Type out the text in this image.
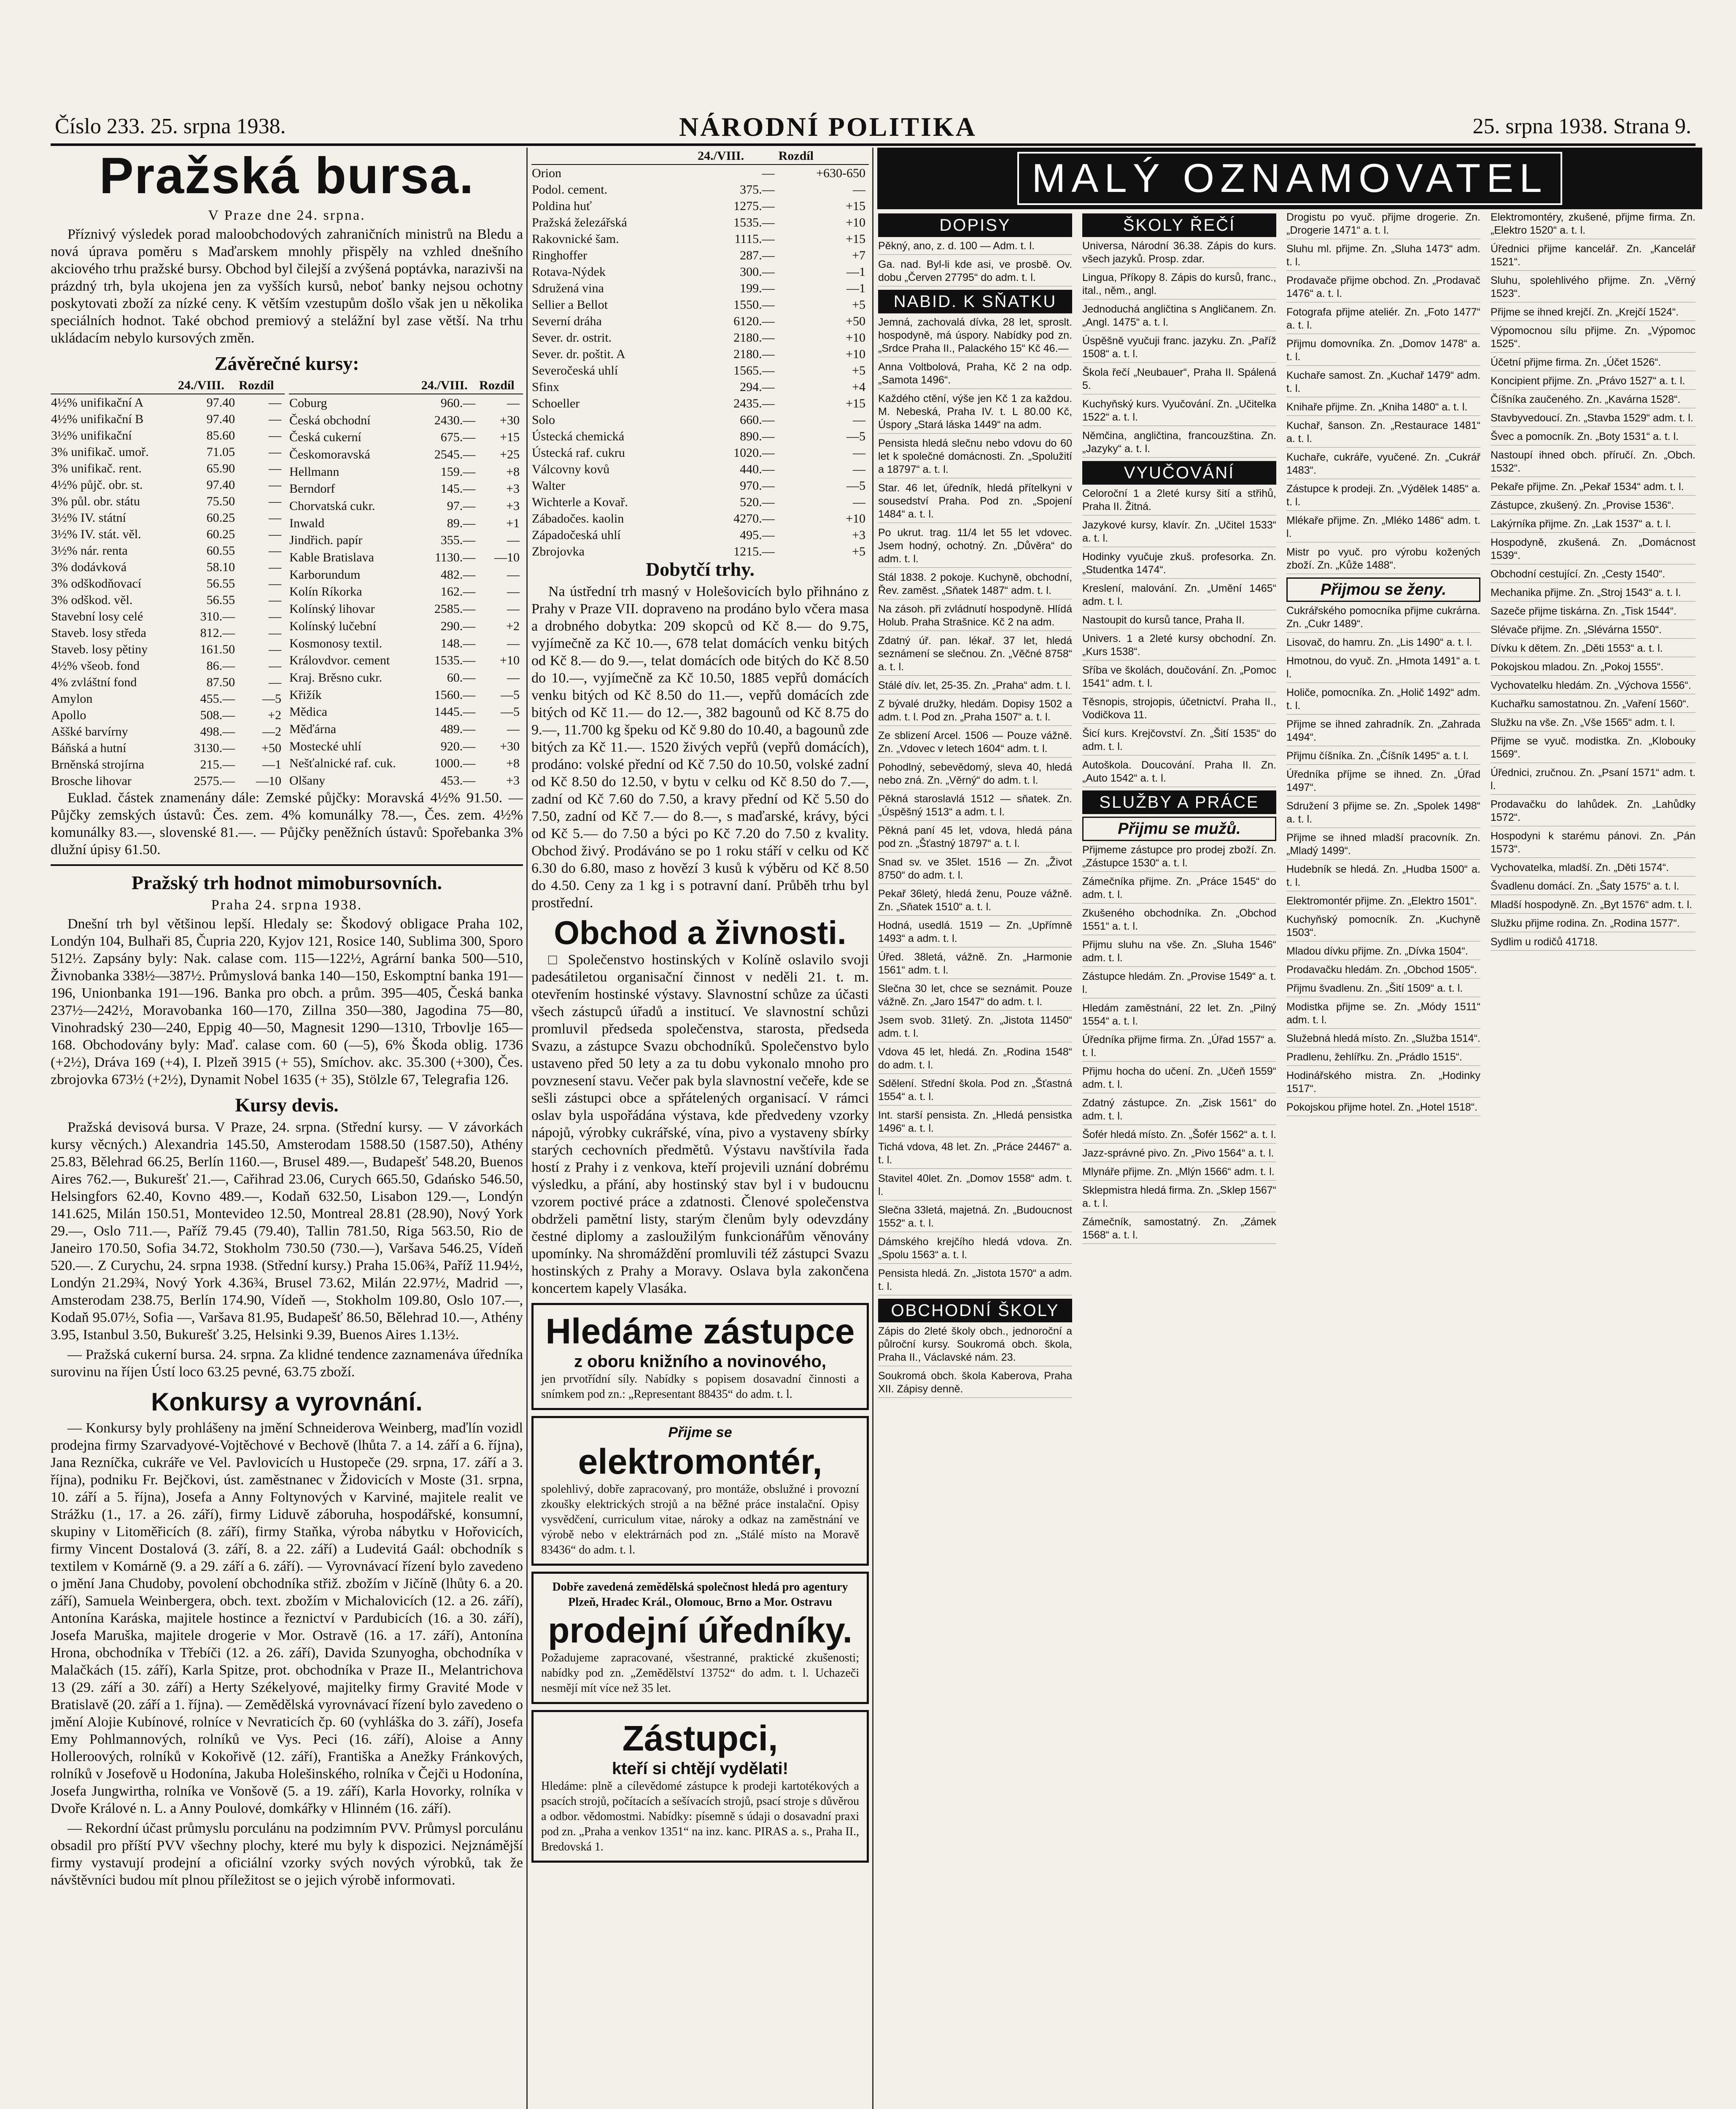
Číslo 233. 25. srpna 1938.	NÁRODNÍ POLITIKA	25. srpna 1938. Strana 9.
Pražská bursa.
V Praze dne 24. srpna.

Příznivý výsledek porad maloobchodových zahraničních ministrů na Bledu a nová úprava poměru s Maďarskem mnohly přispěly na vzhled dnešního akciového trhu pražské bursy. Obchod byl čilejší a zvýšená poptávka, narazivši na prázdný trh, byla ukojena jen za vyšších kursů, neboť banky nejsou ochotny poskytovati zboží za nízké ceny. K větším vzestupům došlo však jen u několika speciálních hodnot. Také obchod premiový a stelážní byl zase větší. Na trhu ukládacím nebylo kursových změn.

Závěrečné kursy:
	24./VIII.	Rozdíl
4½% unifikační A	97.40	—
4½% unifikační B	97.40	—
3½% unifikační	85.60	—
3% unifikač. umoř.	71.05	—
3% unifikač. rent.	65.90	—
4½% půjč. obr. st.	97.40	—
3% půl. obr. státu	75.50	—
3½% IV. státní	60.25	—
3½% IV. stát. věl.	60.25	—
3½% nár. renta	60.55	—
3% dodávková	58.10	—
3% odškodňovací	56.55	—
3% odškod. věl.	56.55	—
Stavební losy celé	310.—	—
Staveb. losy středa	812.—	—
Staveb. losy pětiny	161.50	—
4½% všeob. fond	86.—	—
4% zvláštní fond	87.50	—
Amylon	455.—	—5
Apollo	508.—	+2
Aššké barvírny	498.—	—2
Báňská a hutní	3130.—	+50
Brněnská strojírna	215.—	—1
Brosche lihovar	2575.—	—10
	24./VIII.	Rozdíl
Coburg	960.—	—
Česká obchodní	2430.—	+30
Česká cukerní	675.—	+15
Českomoravská	2545.—	+25
Hellmann	159.—	+8
Berndorf	145.—	+3
Chorvatská cukr.	97.—	+3
Inwald	89.—	+1
Jindřich. papír	355.—	—
Kable Bratislava	1130.—	—10
Karborundum	482.—	—
Kolín Ríkorka	162.—	—
Kolínský lihovar	2585.—	—
Kolínský lučební	290.—	+2
Kosmonosy textil.	148.—	—
Královdvor. cement	1535.—	+10
Kraj. Brěsno cukr.	60.—	—
Křižík	1560.—	—5
Mědica	1445.—	—5
Měďárna	489.—	—
Mostecké uhlí	920.—	+30
Nešťalnické raf. cuk.	1000.—	+8
Olšany	453.—	+3

Euklad. částek znamenány dále: Zemské půjčky: Moravská 4½% 91.50. — Půjčky zemských ústavů: Čes. zem. 4% komunálky 78.—, Čes. zem. 4½% komunálky 83.—, slovenské 81.—. — Půjčky peněžních ústavů: Spořebanka 3% dlužní úpisy 61.50.

Pražský trh hodnot mimobursovních.
Praha 24. srpna 1938.

Dnešní trh byl většinou lepší. Hledaly se: Škodový obligace Praha 102, Londýn 104, Bulhaři 85, Čupria 220, Kyjov 121, Rosice 140, Sublima 300, Sporo 512½. Zapsány byly: Nak. calase com. 115—122½, Agrární banka 500—510, Živnobanka 338½—387½. Průmyslová banka 140—150, Eskomptní banka 191—196, Unionbanka 191—196. Banka pro obch. a prům. 395—405, Česká banka 237½—242½, Moravobanka 160—170, Zillna 350—380, Jagodina 75—80, Vinohradský 230—240, Eppig 40—50, Magnesit 1290—1310, Trbovlje 165—168. Obchodovány byly: Maď. calase com. 60 (—5), 6% Škoda oblig. 1736 (+2½), Dráva 169 (+4), I. Plzeň 3915 (+ 55), Smíchov. akc. 35.300 (+300), Čes. zbrojovka 673½ (+2½), Dynamit Nobel 1635 (+ 35), Stölzle 67, Telegrafia 126.

Kursy devis.

Pražská devisová bursa. V Praze, 24. srpna. (Střední kursy. — V závorkách kursy věcných.) Alexandria 145.50, Amsterodam 1588.50 (1587.50), Athény 25.83, Bělehrad 66.25, Berlín 1160.—, Brusel 489.—, Budapešť 548.20, Buenos Aires 762.—, Bukurešť 21.—, Cařihrad 23.06, Curych 665.50, Gdańsko 546.50, Helsingfors 62.40, Kovno 489.—, Kodaň 632.50, Lisabon 129.—, Londýn 141.625, Milán 150.51, Montevideo 12.50, Montreal 28.81 (28.90), Nový York 29.—, Oslo 711.—, Paříž 79.45 (79.40), Tallin 781.50, Riga 563.50, Rio de Janeiro 170.50, Sofia 34.72, Stokholm 730.50 (730.—), Varšava 546.25, Vídeň 520.—. Z Curychu, 24. srpna 1938. (Střední kursy.) Praha 15.06¾, Paříž 11.94½, Londýn 21.29¾, Nový York 4.36¾, Brusel 73.62, Milán 22.97½, Madrid —, Amsterodam 238.75, Berlín 174.90, Vídeň —, Stokholm 109.80, Oslo 107.—, Kodaň 95.07½, Sofia —, Varšava 81.95, Budapešť 86.50, Bělehrad 10.—, Athény 3.95, Istanbul 3.50, Bukurešť 3.25, Helsinki 9.39, Buenos Aires 1.13½.

— Pražská cukerní bursa. 24. srpna. Za klidné tendence zaznamenáva úředníka surovinu na říjen Ústí loco 63.25 pevné, 63.75 zboží.

Konkursy a vyrovnání.

— Konkursy byly prohlášeny na jmění Schneiderova Weinberg, maďlín vozidl prodejna firmy Szarvadyové-Vojtěchové v Bechově (lhůta 7. a 14. září a 6. října), Jana Rezníčka, cukráře ve Vel. Pavlovicích u Hustopeče (29. srpna, 17. září a 3. října), podniku Fr. Bejčkovi, úst. zaměstnanec v Židovicích v Moste (31. srpna, 10. září a 5. října), Josefa a Anny Foltynových v Karviné, majitele realit ve Strážku (1., 17. a 26. září), firmy Liduvě záboruha, hospodářské, konsumní, skupiny v Litoměřicích (8. září), firmy Staňka, výroba nábytku v Hořovicích, firmy Vincent Dostalová (3. září, 8. a 22. září) a Ludevitá Gaál: obchodník s textilem v Komárně (9. a 29. září a 6. září). — Vyrovnávací řízení bylo zavedeno o jmění Jana Chudoby, povolení obchodníka střiž. zbožím v Jičíně (lhůty 6. a 20. září), Samuela Weinbergera, obch. text. zbožím v Michalovicích (12. a 26. září), Antonína Karáska, majitele hostince a řeznictví v Pardubicích (16. a 30. září), Josefa Maruška, majitele drogerie v Mor. Ostravě (16. a 17. září), Antonína Hrona, obchodníka v Třebíči (12. a 26. září), Davida Szunyogha, obchodníka v Malačkách (15. září), Karla Spitze, prot. obchodníka v Praze II., Melantrichova 13 (29. září a 30. září) a Herty Székelyové, majitelky firmy Gravité Mode v Bratislavě (20. září a 1. října). — Zemědělská vyrovnávací řízení bylo zavedeno o jmění Alojie Kubínové, rolníce v Nevraticích čp. 60 (vyhláška do 3. září), Josefa Emy Pohlmannových, rolníků ve Vys. Peci (16. září), Aloise a Anny Holleroových, rolníků v Kokořivě (12. září), Františka a Anežky Fránkových, rolníků v Josefově u Hodonína, Jakuba Holešinského, rolníka v Čejči u Hodonína, Josefa Jungwirtha, rolníka ve Vonšově (5. a 19. září), Karla Hovorky, rolníka v Dvoře Králové n. L. a Anny Poulové, domkářky v Hlinném (16. září).

— Rekordní účast průmyslu porculánu na podzimním PVV. Průmysl porculánu obsadil pro příští PVV všechny plochy, které mu byly k dispozici. Nejznámější firmy vystavují prodejní a oficiální vzorky svých nových výrobků, tak že návštěvníci budou mít plnou příležitost se o jejich výrobě informovati.

	24./VIII.	Rozdíl
Orion	—	+630-650
Podol. cement.	375.—	—
Poldina huť	1275.—	+15
Pražská železářská	1535.—	+10
Rakovnické šam.	1115.—	+15
Ringhoffer	287.—	+7
Rotava-Nýdek	300.—	—1
Sdružená vina	199.—	—1
Sellier a Bellot	1550.—	+5
Severní dráha	6120.—	+50
Sever. dr. ostrit.	2180.—	+10
Sever. dr. poštit. A	2180.—	+10
Severočeská uhlí	1565.—	+5
Sfinx	294.—	+4
Schoeller	2435.—	+15
Solo	660.—	—
Ústecká chemická	890.—	—5
Ústecká raf. cukru	1020.—	—
Válcovny kovů	440.—	—
Walter	970.—	—5
Wichterle a Kovař.	520.—	—
Zábadočes. kaolin	4270.—	+10
Západočeská uhlí	495.—	+3
Zbrojovka	1215.—	+5
Dobytčí trhy.

Na ústřední trh masný v Holešovicích bylo přihnáno z Prahy v Praze VII. dopraveno na prodáno bylo včera masa a drobného dobytka: 209 skopců od Kč 8.— do 9.75, vyjímečně za Kč 10.—, 678 telat domácích venku bitých od Kč 8.— do 9.—, telat domácích ode bitých do Kč 8.50 do 10.—, vyjímečně za Kč 10.50, 1885 vepřů domácích venku bitých od Kč 8.50 do 11.—, vepřů domácích zde bitých od Kč 11.— do 12.—, 382 bagounů od Kč 8.75 do 9.—, 11.700 kg špeku od Kč 9.80 do 10.40, a bagounů zde bitých za Kč 11.—. 1520 živých vepřů (vepřů domácích), prodáno: volské přední od Kč 7.50 do 10.50, volské zadní od Kč 8.50 do 12.50, v bytu v celku od Kč 8.50 do 7.—, zadní od Kč 7.60 do 7.50, a kravy přední od Kč 5.50 do 7.50, zadní od Kč 7.— do 8.—, s maďarské, krávy, býci od Kč 5.— do 7.50 a býci po Kč 7.20 do 7.50 z kvality. Obchod živý. Prodáváno se po 1 roku stáří v celku od Kč 6.30 do 6.80, maso z hovězí 3 kusů k výběru od Kč 8.50 do 4.50. Ceny za 1 kg i s potravní daní. Průběh trhu byl prostřední.

Obchod a živnosti.

□ Společenstvo hostinských v Kolíně oslavilo svoji padesátiletou organisační činnost v neděli 21. t. m. otevřením hostinské výstavy. Slavnostní schůze za účasti všech zástupců úřadů a institucí. Ve slavnostní schůzi promluvil předseda společenstva, starosta, předseda Svazu, a zástupce Svazu obchodníků. Společenstvo bylo ustaveno před 50 lety a za tu dobu vykonalo mnoho pro povznesení stavu. Večer pak byla slavnostní večeře, kde se sešli zástupci obce a spřátelených organisací. V rámci oslav byla uspořádána výstava, kde předvedeny vzorky nápojů, výrobky cukrářské, vína, pivo a vystaveny sbírky starých cechovních předmětů. Výstavu navštívila řada hostí z Prahy i z venkova, kteří projevili uznání dobrému výsledku, a přání, aby hostinský stav byl i v budoucnu vzorem poctivé práce a zdatnosti. Členové společenstva obdrželi pamětní listy, starým členům byly odevzdány čestné diplomy a zasloužilým funkcionářům věnovány upomínky. Na shromáždění promluvili též zástupci Svazu hostinských z Prahy a Moravy. Oslava byla zakončena koncertem kapely Vlasáka.

Hledáme zástupce
z oboru knižního a novinového,
jen prvotřídní síly. Nabídky s popisem dosavadní činnosti a snímkem pod zn.: „Representant 88435“ do adm. t. l.
Přijme se
elektromontér,
spolehlivý, dobře zapracovaný, pro montáže, obslužné i provozní zkoušky elektrických strojů a na běžné práce instalační. Opisy vysvědčení, curriculum vitae, nároky a odkaz na zaměstnání ve výrobě nebo v elektrárnách pod zn. „Stálé místo na Moravě 83436“ do adm. t. l.
Dobře zavedená zemědělská společnost hledá pro agentury Plzeň, Hradec Král., Olomouc, Brno a Mor. Ostravu
prodejní úředníky.
Požadujeme zapracované, všestranné, praktické zkušenosti; nabídky pod zn. „Zemědělství 13752“ do adm. t. l. Uchazeči nesmějí mít více než 35 let.
Zástupci,
kteří si chtějí vydělati!
Hledáme: plně a cílevědomé zástupce k prodeji kartotékových a psacích strojů, počítacích a sešívacích strojů, psací stroje s důvěrou a odbor. vědomostmi. Nabídky: písemně s údaji o dosavadní praxi pod zn. „Praha a venkov 1351“ na inz. kanc. PIRAS a. s., Praha II., Bredovská 1.
MALÝ OZNAMOVATEL
DOPISY
Pěkný, ano, z. d. 100 — Adm. t. l.
Ga. nad. Byl-li kde asi, ve prosbě. Ov. dobu „Červen 27795“ do adm. t. l.
NABID. K SŇATKU
Jemná, zachovalá dívka, 28 let, sproslt. hospodyně, má úspory. Nabídky pod zn. „Srdce Praha II., Palackého 15“ Kč 46.—
Anna Voltbolová, Praha, Kč 2 na odp. „Samota 1496“.
Každého ctění, výše jen Kč 1 za každou. M. Nebeská, Praha IV. t. L 80.00 Kč, Úspory „Stará láska 1449“ na adm.
Pensista hledá slečnu nebo vdovu do 60 let k společné domácnosti. Zn. „Spolužití a 18797“ a. t. l.
Star. 46 let, úředník, hledá přítelkyni v sousedství Praha. Pod zn. „Spojení 1484“ a. t. l.
Po ukrut. trag. 11/4 let 55 let vdovec. Jsem hodný, ochotný. Zn. „Důvěra“ do adm. t. l.
Stál 1838. 2 pokoje. Kuchyně, obchodní, Řev. zaměst. „Sňatek 1487“ adm. t. l.
Na zásoh. při zvládnutí hospodyně. Hlídá Holub. Praha Strašnice. Kč 2 na adm.
Zdatný úř. pan. lékař. 37 let, hledá seznámení se slečnou. Zn. „Věčné 8758“ a. t. l.
Stálé dív. let, 25-35. Zn. „Praha“ adm. t. l.
Z bývalé družky, hledám. Dopisy 1502 a adm. t. l. Pod zn. „Praha 1507“ a. t. l.
Ze sblizení Arcel. 1506 — Pouze vážně. Zn. „Vdovec v letech 1604“ adm. t. l.
Pohodlný, sebevědomý, sleva 40, hledá nebo zná. Zn. „Věrný“ do adm. t. l.
Pěkná staroslavlá 1512 — sňatek. Zn. „Úspěšný 1513“ a adm. t. l.
Pěkná paní 45 let, vdova, hledá pána pod zn. „Šťastný 18797“ a. t. l.
Snad sv. ve 35let. 1516 — Zn. „Život 8750“ do adm. t. l.
Pekař 36letý, hledá ženu, Pouze vážně. Zn. „Sňatek 1510“ a. t. l.
Hodná, usedlá. 1519 — Zn. „Upřímně 1493“ a adm. t. l.
Úřed. 38letá, vážně. Zn. „Harmonie 1561“ adm. t. l.
Slečna 30 let, chce se seznámit. Pouze vážně. Zn. „Jaro 1547“ do adm. t. l.
Jsem svob. 31letý. Zn. „Jistota 11450“ adm. t. l.
Vdova 45 let, hledá. Zn. „Rodina 1548“ do adm. t. l.
Sdělení. Střední škola. Pod zn. „Šťastná 1554“ a. t. l.
Int. starší pensista. Zn. „Hledá pensistka 1496“ a. t. l.
Tichá vdova, 48 let. Zn. „Práce 24467“ a. t. l.
Stavitel 40let. Zn. „Domov 1558“ adm. t. l.
Slečna 33letá, majetná. Zn. „Budoucnost 1552“ a. t. l.
Dámského krejčího hledá vdova. Zn. „Spolu 1563“ a. t. l.
Pensista hledá. Zn. „Jistota 1570“ a adm. t. l.
OBCHODNÍ ŠKOLY
Zápis do 2leté školy obch., jednoroční a půlroční kursy. Soukromá obch. škola, Praha II., Václavské nám. 23.
Soukromá obch. škola Kaberova, Praha XII. Zápisy denně.
ŠKOLY ŘEČÍ
Universa, Národní 36.38. Zápis do kurs. všech jazyků. Prosp. zdar.
Lingua, Příkopy 8. Zápis do kursů, franc., ital., něm., angl.
Jednoduchá angličtina s Angličanem. Zn. „Angl. 1475“ a. t. l.
Úspěšně vyučuji franc. jazyku. Zn. „Paříž 1508“ a. t. l.
Škola řečí „Neubauer“, Praha II. Spálená 5.
Kuchyňský kurs. Vyučování. Zn. „Učitelka 1522“ a. t. l.
Němčina, angličtina, francouzština. Zn. „Jazyky“ a. t. l.
VYUČOVÁNÍ
Celoroční 1 a 2leté kursy šití a střihů, Praha II. Žitná.
Jazykové kursy, klavír. Zn. „Učitel 1533“ a. t. l.
Hodinky vyučuje zkuš. profesorka. Zn. „Studentka 1474“.
Kreslení, malování. Zn. „Umění 1465“ adm. t. l.
Nastoupit do kursů tance, Praha II.
Univers. 1 a 2leté kursy obchodní. Zn. „Kurs 1538“.
Sříba ve školách, doučování. Zn. „Pomoc 1541“ adm. t. l.
Těsnopis, strojopis, účetnictví. Praha II., Vodičkova 11.
Šicí kurs. Krejčovství. Zn. „Šití 1535“ do adm. t. l.
Autoškola. Doucování. Praha II. Zn. „Auto 1542“ a. t. l.
SLUŽBY A PRÁCE
Přijmu se mužů.
Přijmeme zástupce pro prodej zboží. Zn. „Zástupce 1530“ a. t. l.
Zámečníka přijme. Zn. „Práce 1545“ do adm. t. l.
Zkušeného obchodníka. Zn. „Obchod 1551“ a. t. l.
Přijmu sluhu na vše. Zn. „Sluha 1546“ adm. t. l.
Zástupce hledám. Zn. „Provise 1549“ a. t. l.
Hledám zaměstnání, 22 let. Zn. „Pilný 1554“ a. t. l.
Úředníka přijme firma. Zn. „Úřad 1557“ a. t. l.
Přijmu hocha do učení. Zn. „Učeň 1559“ adm. t. l.
Zdatný zástupce. Zn. „Zisk 1561“ do adm. t. l.
Šofér hledá místo. Zn. „Šofér 1562“ a. t. l.
Jazz-správné pivo. Zn. „Pivo 1564“ a. t. l.
Mlynáře přijme. Zn. „Mlýn 1566“ adm. t. l.
Sklepmistra hledá firma. Zn. „Sklep 1567“ a. t. l.
Zámečník, samostatný. Zn. „Zámek 1568“ a. t. l.
Drogistu po vyuč. přijme drogerie. Zn. „Drogerie 1471“ a. t. l.
Sluhu ml. přijme. Zn. „Sluha 1473“ adm. t. l.
Prodavače přijme obchod. Zn. „Prodavač 1476“ a. t. l.
Fotografa přijme ateliér. Zn. „Foto 1477“ a. t. l.
Přijmu domovníka. Zn. „Domov 1478“ a. t. l.
Kuchaře samost. Zn. „Kuchař 1479“ adm. t. l.
Knihaře přijme. Zn. „Kniha 1480“ a. t. l.
Kuchař, šanson. Zn. „Restaurace 1481“ a. t. l.
Kuchaře, cukráře, vyučené. Zn. „Cukrář 1483“.
Zástupce k prodeji. Zn. „Výdělek 1485“ a. t. l.
Mlékaře přijme. Zn. „Mléko 1486“ adm. t. l.
Mistr po vyuč. pro výrobu kožených zboží. Zn. „Kůže 1488“.
Přijmou se ženy.
Cukrářského pomocníka přijme cukrárna. Zn. „Cukr 1489“.
Lisovač, do hamru. Zn. „Lis 1490“ a. t. l.
Hmotnou, do vyuč. Zn. „Hmota 1491“ a. t. l.
Holiče, pomocníka. Zn. „Holič 1492“ adm. t. l.
Přijme se ihned zahradník. Zn. „Zahrada 1494“.
Přijmu číšníka. Zn. „Číšník 1495“ a. t. l.
Úředníka příjme se ihned. Zn. „Úřad 1497“.
Sdružení 3 přijme se. Zn. „Spolek 1498“ a. t. l.
Přijme se ihned mladší pracovník. Zn. „Mladý 1499“.
Hudebník se hledá. Zn. „Hudba 1500“ a. t. l.
Elektromontér přijme. Zn. „Elektro 1501“.
Kuchyňský pomocník. Zn. „Kuchyně 1503“.
Mladou dívku přijme. Zn. „Dívka 1504“.
Prodavačku hledám. Zn. „Obchod 1505“.
Přijmu švadlenu. Zn. „Šití 1509“ a. t. l.
Modistka přijme se. Zn. „Módy 1511“ adm. t. l.
Služebná hledá místo. Zn. „Služba 1514“.
Pradlenu, žehlířku. Zn. „Prádlo 1515“.
Hodinářského mistra. Zn. „Hodinky 1517“.
Pokojskou přijme hotel. Zn. „Hotel 1518“.
Elektromontéry, zkušené, přijme firma. Zn. „Elektro 1520“ a. t. l.
Úřednici přijme kancelář. Zn. „Kancelář 1521“.
Sluhu, spolehlivého přijme. Zn. „Věrný 1523“.
Přijme se ihned krejčí. Zn. „Krejčí 1524“.
Výpomocnou sílu přijme. Zn. „Výpomoc 1525“.
Účetní přijme firma. Zn. „Účet 1526“.
Koncipient přijme. Zn. „Právo 1527“ a. t. l.
Číšníka zaučeného. Zn. „Kavárna 1528“.
Stavbyvedoucí. Zn. „Stavba 1529“ adm. t. l.
Švec a pomocník. Zn. „Boty 1531“ a. t. l.
Nastoupí ihned obch. příručí. Zn. „Obch. 1532“.
Pekaře přijme. Zn. „Pekař 1534“ adm. t. l.
Zástupce, zkušený. Zn. „Provise 1536“.
Lakýrníka přijme. Zn. „Lak 1537“ a. t. l.
Hospodyně, zkušená. Zn. „Domácnost 1539“.
Obchodní cestující. Zn. „Cesty 1540“.
Mechanika přijme. Zn. „Stroj 1543“ a. t. l.
Sazeče přijme tiskárna. Zn. „Tisk 1544“.
Slévače přijme. Zn. „Slévárna 1550“.
Dívku k dětem. Zn. „Děti 1553“ a. t. l.
Pokojskou mladou. Zn. „Pokoj 1555“.
Vychovatelku hledám. Zn. „Výchova 1556“.
Kuchařku samostatnou. Zn. „Vaření 1560“.
Služku na vše. Zn. „Vše 1565“ adm. t. l.
Přijme se vyuč. modistka. Zn. „Klobouky 1569“.
Úřednici, zručnou. Zn. „Psaní 1571“ adm. t. l.
Prodavačku do lahůdek. Zn. „Lahůdky 1572“.
Hospodyni k starému pánovi. Zn. „Pán 1573“.
Vychovatelka, mladší. Zn. „Děti 1574“.
Švadlenu domácí. Zn. „Šaty 1575“ a. t. l.
Mladší hospodyně. Zn. „Byt 1576“ adm. t. l.
Služku přijme rodina. Zn. „Rodina 1577“.
Sydlim u rodičů 41718.
